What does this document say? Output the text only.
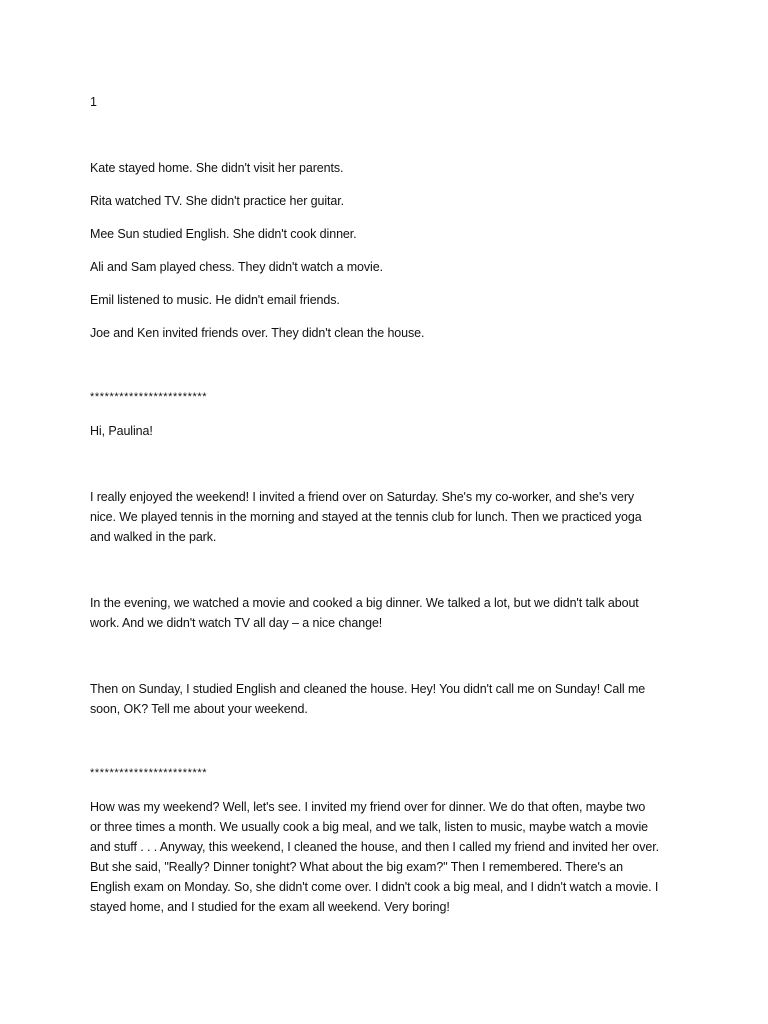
1
Kate stayed home. She didn't visit her parents.
Rita watched TV. She didn't practice her guitar.
Mee Sun studied English. She didn't cook dinner.
Ali and Sam played chess. They didn't watch a movie.
Emil listened to music. He didn't email friends.
Joe and Ken invited friends over. They didn't clean the house.
************************
Hi, Paulina!
I really enjoyed the weekend! I invited a friend over on Saturday. She's my co-worker, and she's very
nice. We played tennis in the morning and stayed at the tennis club for lunch. Then we practiced yoga
and walked in the park.
In the evening, we watched a movie and cooked a big dinner. We talked a lot, but we didn't talk about
work. And we didn't watch TV all day – a nice change!
Then on Sunday, I studied English and cleaned the house. Hey! You didn't call me on Sunday! Call me
soon, OK? Tell me about your weekend.
************************
How was my weekend? Well, let's see. I invited my friend over for dinner. We do that often, maybe two
or three times a month. We usually cook a big meal, and we talk, listen to music, maybe watch a movie
and stuff . . . Anyway, this weekend, I cleaned the house, and then I called my friend and invited her over.
But she said, "Really? Dinner tonight? What about the big exam?" Then I remembered. There's an
English exam on Monday. So, she didn't come over. I didn't cook a big meal, and I didn't watch a movie. I
stayed home, and I studied for the exam all weekend. Very boring!
